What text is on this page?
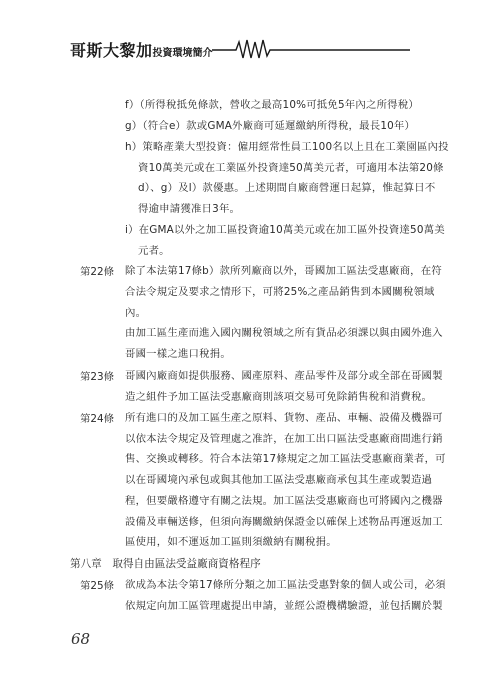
哥斯大黎加投資環境簡介
f）（所得稅抵免條款，營收之最高10%可抵免5年內之所得稅）
g）（符合e）款或GMA外廠商可延遲繳納所得稅，最長10年）
h）策略產業大型投資：僱用經常性員工100名以上且在工業園區內投
資10萬美元或在工業區外投資達50萬美元者，可適用本法第20條
d）、g）及l）款優惠。上述期間自廠商營運日起算，惟起算日不
得逾申請獲准日3年。
i）在GMA以外之加工區投資逾10萬美元或在加工區外投資達50萬美
元者。
第22條 除了本法第17條b）款所列廠商以外，哥國加工區法受惠廠商，在符
合法令規定及要求之情形下，可將25%之產品銷售到本國關稅領域
內。
由加工區生產而進入國內關稅領域之所有貨品必須課以與由國外進入
哥國一樣之進口稅捐。
第23條 哥國內廠商如提供服務、國產原料、產品零件及部分或全部在哥國製
造之組件予加工區法受惠廠商則該項交易可免除銷售稅和消費稅。
第24條 所有進口的及加工區生產之原料、貨物、產品、車輛、設備及機器可
以依本法令規定及管理處之准許，在加工出口區法受惠廠商間進行銷
售、交換或轉移。符合本法第17條規定之加工區法受惠廠商業者，可
以在哥國境內承包或與其他加工區法受惠廠商承包其生產或製造過
程，但要嚴格遵守有關之法規。加工區法受惠廠商也可將國內之機器
設備及車輛送修，但須向海關繳納保證金以確保上述物品再運返加工
區使用，如不運返加工區則須繳納有關稅捐。
第八章　取得自由區法受益廠商資格程序
第25條 欲成為本法令第17條所分類之加工區法受惠對象的個人或公司，必須
依規定向加工區管理處提出申請，並經公證機構驗證，並包括關於製
68
